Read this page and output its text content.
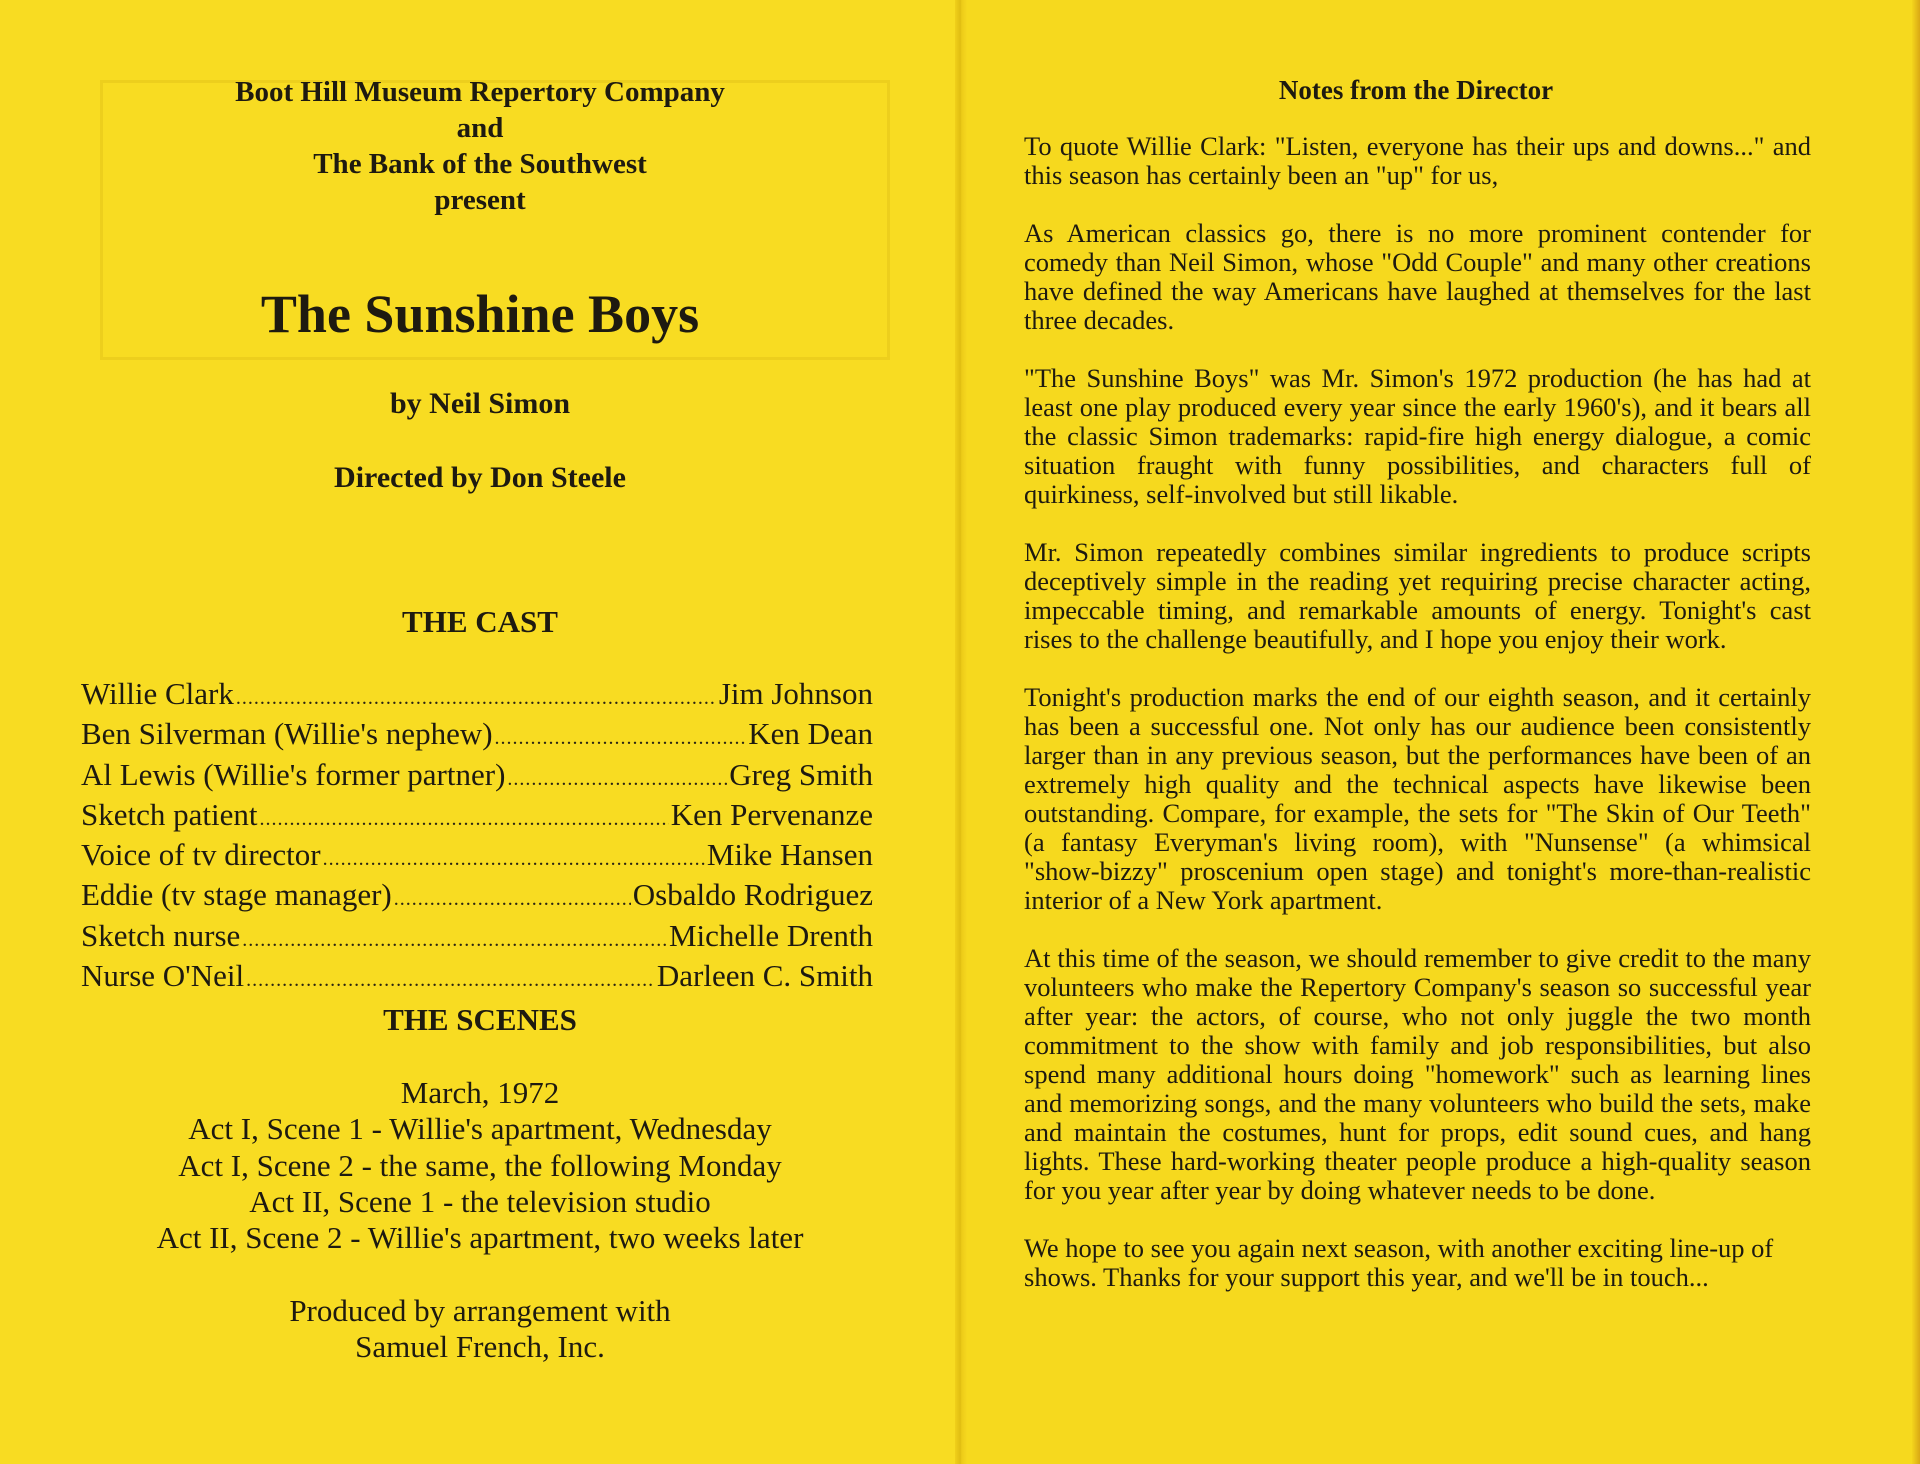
Boot Hill Museum Repertory Company
and
The Bank of the Southwest
present
The Sunshine Boys
by Neil Simon
Directed by Don Steele
THE CAST
Willie Clark .....	Jim Johnson
Ben Silverman (Willie's nephew) .....	Ken Dean
Al Lewis (Willie's former partner) .....	Greg Smith
Sketch patient .....	Ken Pervenanze
Voice of tv director .....	Mike Hansen
Eddie (tv stage manager) .....	Osbaldo Rodriguez
Sketch nurse .....	Michelle Drenth
Nurse O'Neil .....	Darleen C. Smith
THE SCENES
March, 1972
Act I, Scene 1 - Willie's apartment, Wednesday
Act I, Scene 2 - the same, the following Monday
Act II, Scene 1 - the television studio
Act II, Scene 2 - Willie's apartment, two weeks later
Produced by arrangement with
Samuel French, Inc.
Notes from the Director

To quote Willie Clark: "Listen, everyone has their ups and downs..." and this season has certainly been an "up" for us,

As American classics go, there is no more prominent contender for comedy than Neil Simon, whose "Odd Couple" and many other creations have defined the way Americans have laughed at themselves for the last three decades.

"The Sunshine Boys" was Mr. Simon's 1972 production (he has had at least one play produced every year since the early 1960's), and it bears all the classic Simon trademarks: rapid-fire high energy dialogue, a comic situation fraught with funny possibilities, and characters full of quirkiness, self-involved but still likable.

Mr. Simon repeatedly combines similar ingredients to produce scripts deceptively simple in the reading yet requiring precise character acting, impeccable timing, and remarkable amounts of energy. Tonight's cast rises to the challenge beautifully, and I hope you enjoy their work.

Tonight's production marks the end of our eighth season, and it certainly has been a successful one. Not only has our audience been consistently larger than in any previous season, but the performances have been of an extremely high quality and the technical aspects have likewise been outstanding. Compare, for example, the sets for "The Skin of Our Teeth" (a fantasy Everyman's living room), with "Nunsense" (a whimsical "show-bizzy" proscenium open stage) and tonight's more-than-realistic interior of a New York apartment.

At this time of the season, we should remember to give credit to the many volunteers who make the Repertory Company's season so successful year after year: the actors, of course, who not only juggle the two month commitment to the show with family and job responsibilities, but also spend many additional hours doing "homework" such as learning lines and memorizing songs, and the many volunteers who build the sets, make and maintain the costumes, hunt for props, edit sound cues, and hang lights. These hard-working theater people produce a high-quality season for you year after year by doing whatever needs to be done.

We hope to see you again next season, with another exciting line-up of shows. Thanks for your support this year, and we'll be in touch...
